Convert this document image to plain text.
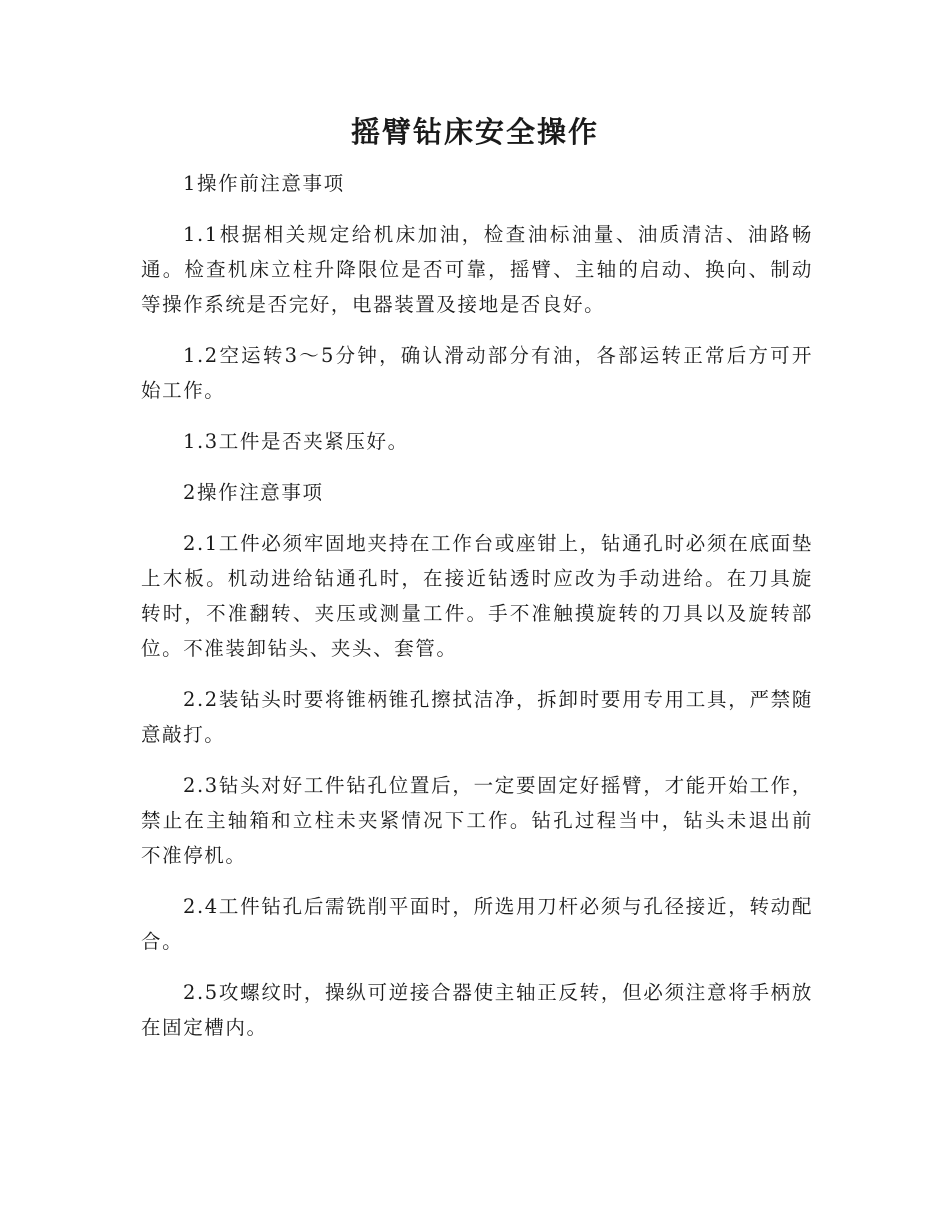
摇臂钻床安全操作

1操作前注意事项

1.1根据相关规定给机床加油，检查油标油量、油质清洁、油路畅通。检查机床立柱升降限位是否可靠，摇臂、主轴的启动、换向、制动等操作系统是否完好，电器装置及接地是否良好。

1.2空运转3～5分钟，确认滑动部分有油，各部运转正常后方可开始工作。

1.3工件是否夹紧压好。

2操作注意事项

2.1工件必须牢固地夹持在工作台或座钳上，钻通孔时必须在底面垫上木板。机动进给钻通孔时，在接近钻透时应改为手动进给。在刀具旋转时，不准翻转、夹压或测量工件。手不准触摸旋转的刀具以及旋转部位。不准装卸钻头、夹头、套管。

2.2装钻头时要将锥柄锥孔擦拭洁净，拆卸时要用专用工具，严禁随意敲打。

2.3钻头对好工件钻孔位置后，一定要固定好摇臂，才能开始工作，禁止在主轴箱和立柱未夹紧情况下工作。钻孔过程当中，钻头未退出前不准停机。

2.4工件钻孔后需铣削平面时，所选用刀杆必须与孔径接近，转动配合。

2.5攻螺纹时，操纵可逆接合器使主轴正反转，但必须注意将手柄放在固定槽内。
